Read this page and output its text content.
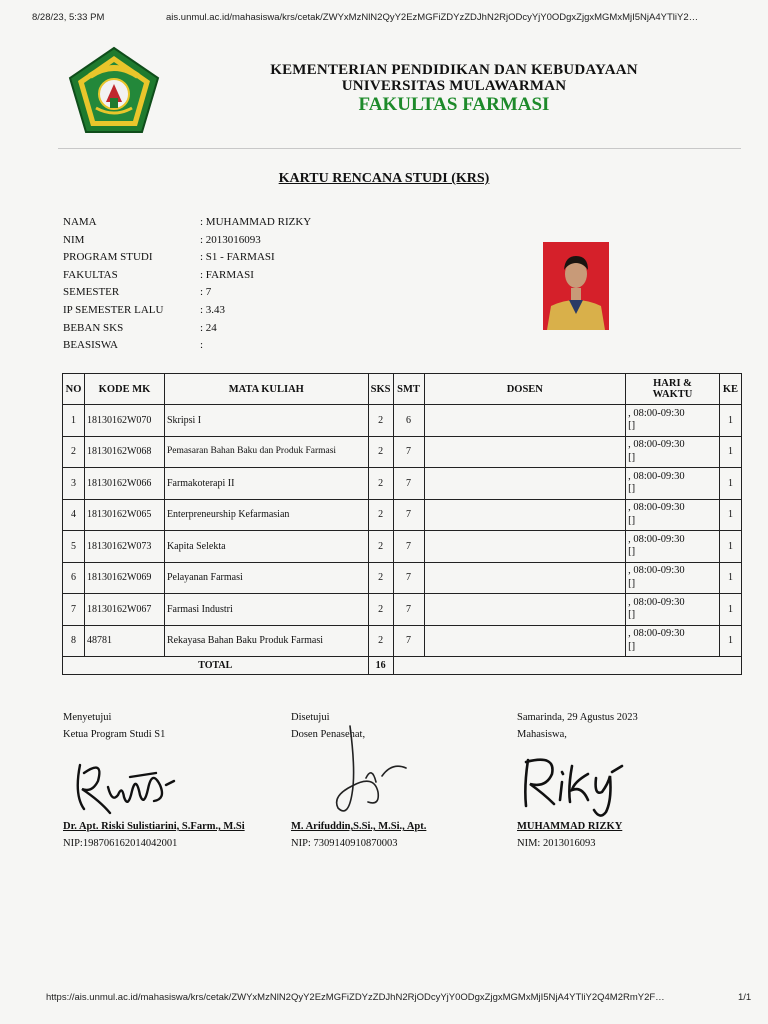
8/28/23, 5:33 PM	ais.unmul.ac.id/mahasiswa/krs/cetak/ZWYxMzNlN2QyY2EzMGFiZDYzZDJhN2RjODcyYjY0ODgxZjgxMGMxMjI5NjA4YTliY2…
KEMENTERIAN PENDIDIKAN DAN KEBUDAYAAN
UNIVERSITAS MULAWARMAN
FAKULTAS FARMASI
KARTU RENCANA STUDI (KRS)
NAMA	: MUHAMMAD RIZKY
NIM	: 2013016093
PROGRAM STUDI	: S1 - FARMASI
FAKULTAS	: FARMASI
SEMESTER	: 7
IP SEMESTER LALU	: 3.43
BEBAN SKS	: 24
BEASISWA	:
NO	KODE MK	MATA KULIAH	SKS	SMT	DOSEN	HARI &
WAKTU	KE
1	18130162W070	Skripsi I	2	6		, 08:00-09:30
[]	1
2	18130162W068	Pemasaran Bahan Baku dan Produk Farmasi	2	7		, 08:00-09:30
[]	1
3	18130162W066	Farmakoterapi II	2	7		, 08:00-09:30
[]	1
4	18130162W065	Enterpreneurship Kefarmasian	2	7		, 08:00-09:30
[]	1
5	18130162W073	Kapita Selekta	2	7		, 08:00-09:30
[]	1
6	18130162W069	Pelayanan Farmasi	2	7		, 08:00-09:30
[]	1
7	18130162W067	Farmasi Industri	2	7		, 08:00-09:30
[]	1
8	48781	Rekayasa Bahan Baku Produk Farmasi	2	7		, 08:00-09:30
[]	1
TOTAL			16				
Menyetujui
Ketua Program Studi S1
Dr. Apt. Riski Sulistiarini, S.Farm., M.Si
NIP:198706162014042001
Disetujui
Dosen Penasehat,
M. Arifuddin,S.Si., M.Si., Apt.
NIP: 7309140910870003
Samarinda, 29 Agustus 2023
Mahasiswa,
MUHAMMAD RIZKY
NIM: 2013016093
https://ais.unmul.ac.id/mahasiswa/krs/cetak/ZWYxMzNlN2QyY2EzMGFiZDYzZDJhN2RjODcyYjY0ODgxZjgxMGMxMjI5NjA4YTliY2Q4M2RmY2F…	1/1
